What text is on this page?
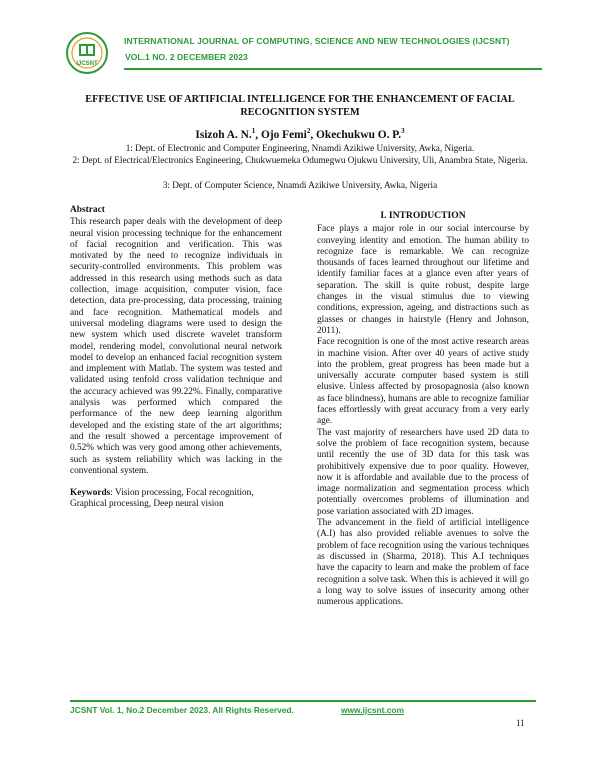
IJCSNT
INTERNATIONAL JOURNAL OF COMPUTING, SCIENCE AND NEW TECHNOLOGIES (IJCSNT)
VOL.1 NO. 2 DECEMBER 2023
EFFECTIVE USE OF ARTIFICIAL INTELLIGENCE FOR THE ENHANCEMENT OF FACIAL RECOGNITION SYSTEM
Isizoh A. N.$^1$, Ojo Femi$^2$, Okechukwu O. P.$^3$
1: Dept. of Electronic and Computer Engineering, Nnamdi Azikiwe University, Awka, Nigeria.
2: Dept. of Electrical/Electronics Engineering, Chukwuemeka Odumegwu Ojukwu University, Uli, Anambra State, Nigeria.
3: Dept. of Computer Science, Nnamdi Azikiwe University, Awka, Nigeria
Abstract

This research paper deals with the development of deep neural vision processing technique for the enhancement of facial recognition and verification. This was motivated by the need to recognize individuals in security-controlled environments. This problem was addressed in this research using methods such as data collection, image acquisition, computer vision, face detection, data pre-processing, data processing, training and face recognition. Mathematical models and universal modeling diagrams were used to design the new system which used discrete wavelet transform model, rendering model, convolutional neural network model to develop an enhanced facial recognition system and implement with Matlab. The system was tested and validated using tenfold cross validation technique and the accuracy achieved was 99.22%. Finally, comparative analysis was performed which compared the performance of the new deep learning algorithm developed and the existing state of the art algorithms; and the result showed a percentage improvement of 0.52% which was very good among other achievements, such as system reliability which was lacking in the conventional system.

Keywords: Vision processing, Focal recognition, Graphical processing, Deep neural vision
I. INTRODUCTION

Face plays a major role in our social intercourse by conveying identity and emotion. The human ability to recognize face is remarkable. We can recognize thousands of faces learned throughout our lifetime and identify familiar faces at a glance even after years of separation. The skill is quite robust, despite large changes in the visual stimulus due to viewing conditions, expression, ageing, and distractions such as glasses or changes in hairstyle (Henry and Johnson, 2011).

Face recognition is one of the most active research areas in machine vision. After over 40 years of active study into the problem, great progress has been made but a universally accurate computer based system is still elusive. Unless affected by prosopagnosia (also known as face blindness), humans are able to recognize familiar faces effortlessly with great accuracy from a very early age.

The vast majority of researchers have used 2D data to solve the problem of face recognition system, because until recently the use of 3D data for this task was prohibitively expensive due to poor quality. However, now it is affordable and available due to the process of image normalization and segmentation process which potentially overcomes problems of illumination and pose variation associated with 2D images.

The advancement in the field of artificial intelligence (A.I) has also provided reliable avenues to solve the problem of face recognition using the various techniques as discussed in (Sharma, 2018). This A.I techniques have the capacity to learn and make the problem of face recognition a solve task. When this is achieved it will go a long way to solve issues of insecurity among other numerous applications.

JCSNT Vol. 1, No.2 December 2023. All Rights Reserved.	www.ijcsnt.com
11
